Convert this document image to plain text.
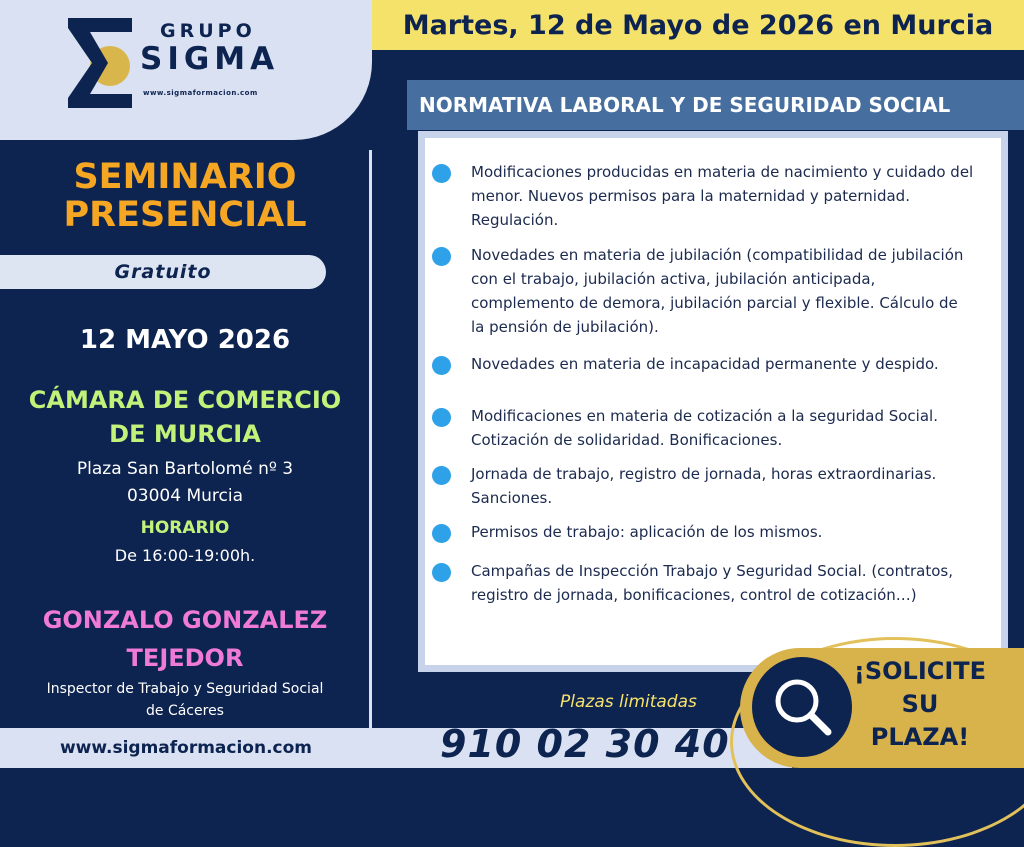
GRUPO
SIGMA
www.sigmaformacion.com
Martes, 12 de Mayo de 2026 en Murcia
SEMINARIO
PRESENCIAL
Gratuito
12 MAYO 2026
CÁMARA DE COMERCIO
DE MURCIA
Plaza San Bartolomé nº 3
03004 Murcia
HORARIO
De 16:00-19:00h.
GONZALO GONZALEZ
TEJEDOR
Inspector de Trabajo y Seguridad Social
de Cáceres
www.sigmaformacion.com
NORMATIVA LABORAL Y DE SEGURIDAD SOCIAL
Modificaciones producidas en materia de nacimiento y cuidado del menor. Nuevos permisos para la maternidad y paternidad. Regulación.
Novedades en materia de jubilación (compatibilidad de jubilación con el trabajo, jubilación activa, jubilación anticipada, complemento de demora, jubilación parcial y flexible. Cálculo de la pensión de jubilación).
Novedades en materia de incapacidad permanente y despido.
Modificaciones en materia de cotización a la seguridad Social. Cotización de solidaridad. Bonificaciones.
Jornada de trabajo, registro de jornada, horas extraordinarias. Sanciones.
Permisos de trabajo: aplicación de los mismos.
Campañas de Inspección Trabajo y Seguridad Social. (contratos, registro de jornada, bonificaciones, control de cotización…)
Plazas limitadas
910 02 30 40
¡SOLICITE
SU
PLAZA!
